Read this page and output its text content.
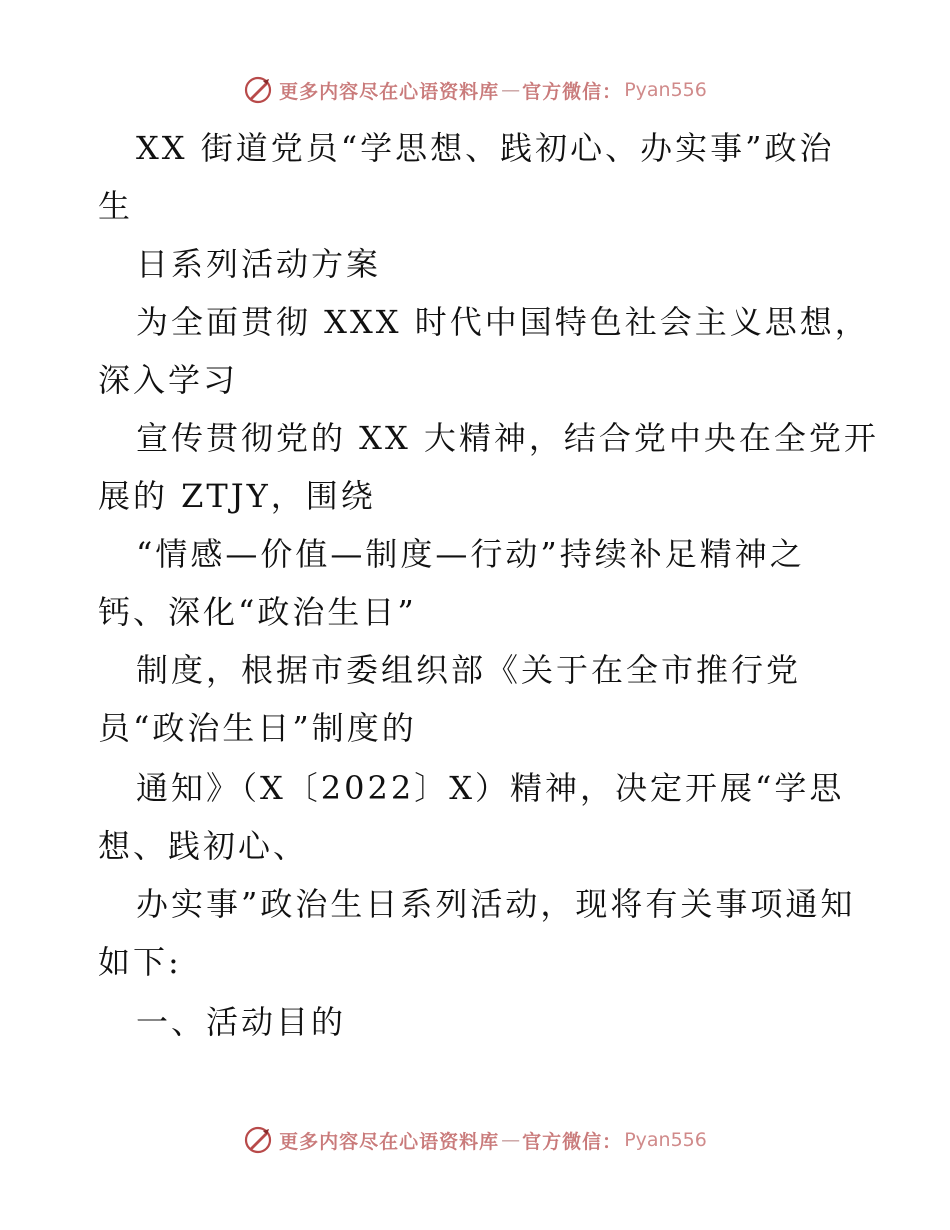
更多内容尽在心语资料库 — 官方微信： Pyan556
XX 街道党员“学思想、践初心、办实事”政治
生
日系列活动方案
为全面贯彻 XXX 时代中国特色社会主义思想，
深入学习
宣传贯彻党的 XX 大精神，结合党中央在全党开
展的 ZTJY，围绕
“情感—价值—制度—行动”持续补足精神之
钙、深化“政治生日”
制度，根据市委组织部《关于在全市推行党
员“政治生日”制度的
通知》（X〔2022〕X）精神，决定开展“学思
想、践初心、
办实事”政治生日系列活动，现将有关事项通知
如下:
一、活动目的
更多内容尽在心语资料库 — 官方微信： Pyan556
